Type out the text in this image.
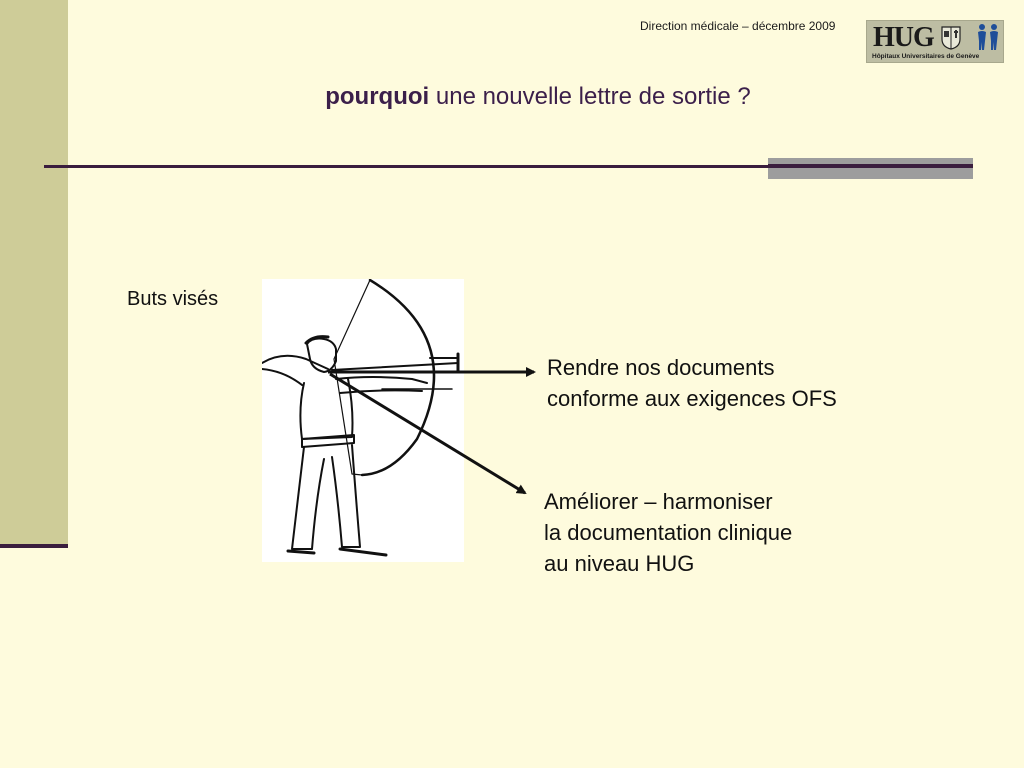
Direction médicale – décembre 2009 HUG
Hôpitaux Universitaires de Genève
pourquoi une nouvelle lettre de sortie ?
Buts visés
Rendre nos documents
conforme aux exigences OFS
Améliorer – harmoniser
la documentation clinique
au niveau HUG
